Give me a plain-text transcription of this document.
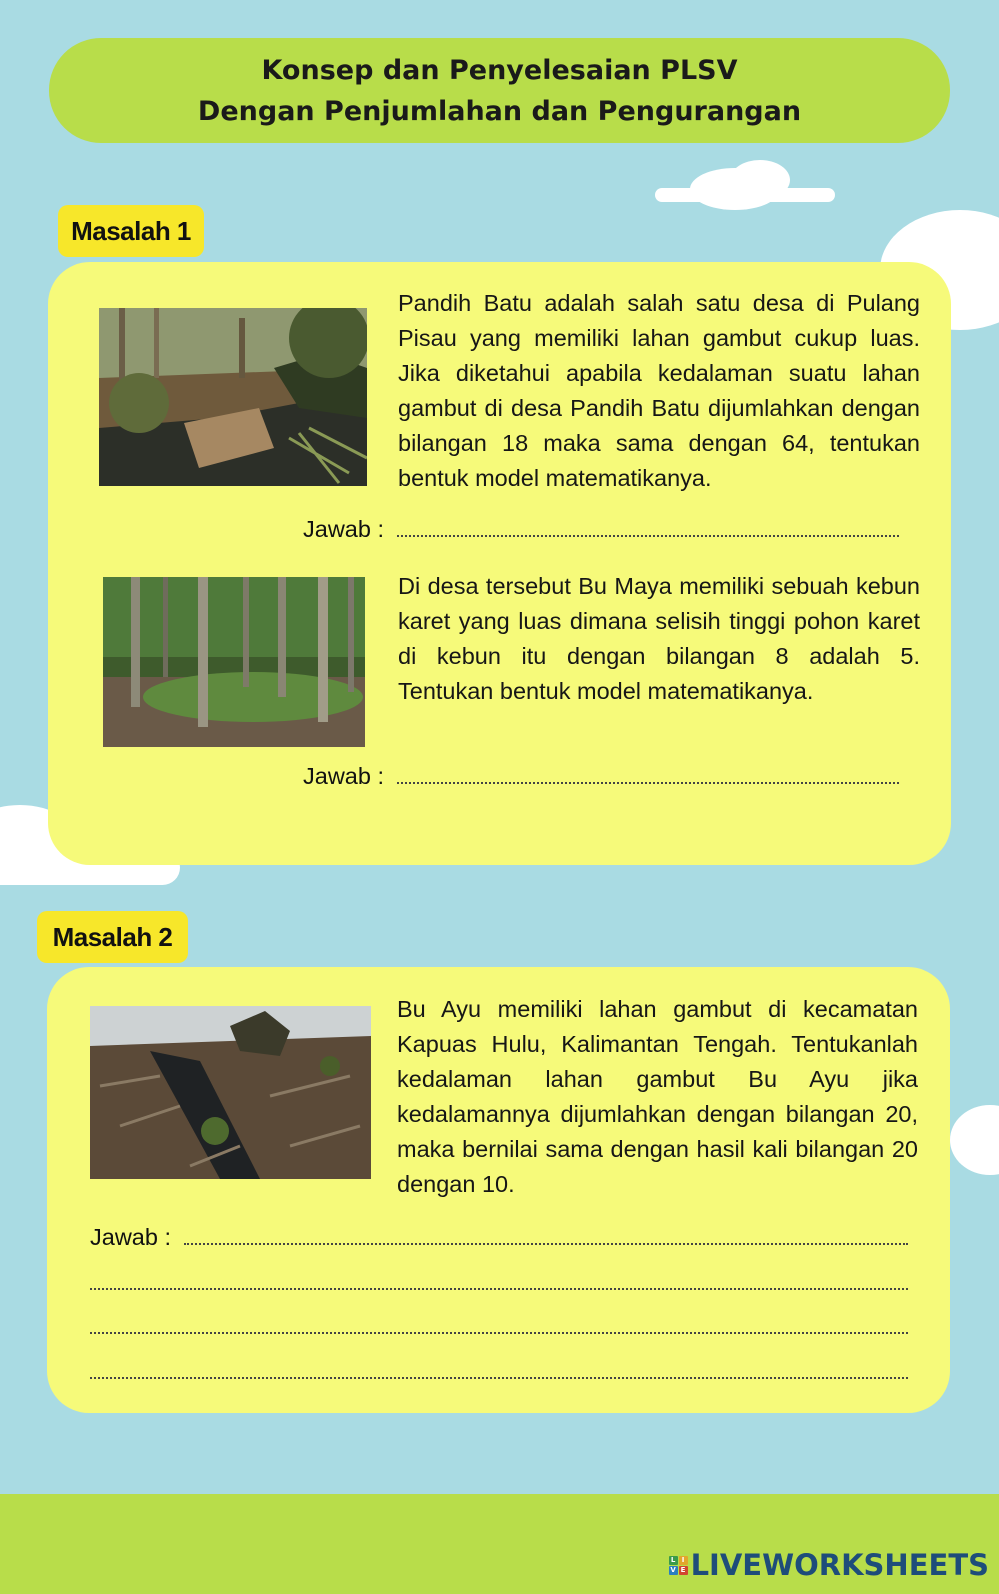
Konsep dan Penyelesaian PLSV
Dengan Penjumlahan dan Pengurangan
Masalah 1
Pandih Batu adalah salah satu desa di Pulang Pisau yang memiliki lahan gambut cukup luas. Jika diketahui apabila kedalaman suatu lahan gambut di desa Pandih Batu dijumlahkan dengan bilangan 18 maka sama dengan 64, tentukan bentuk model matematikanya.
Jawab :
Di desa tersebut Bu Maya memiliki sebuah kebun karet yang luas dimana selisih tinggi pohon karet di kebun itu dengan bilangan 8 adalah 5. Tentukan bentuk model matematikanya.
Jawab :
Masalah 2
Bu Ayu memiliki lahan gambut di kecamatan Kapuas Hulu, Kalimantan Tengah. Tentukanlah kedalaman lahan gambut Bu Ayu jika kedalamannya dijumlahkan dengan bilangan 20, maka bernilai sama dengan hasil kali bilangan 20 dengan 10.
Jawab :
L I
V E LIVEWORKSHEETS
